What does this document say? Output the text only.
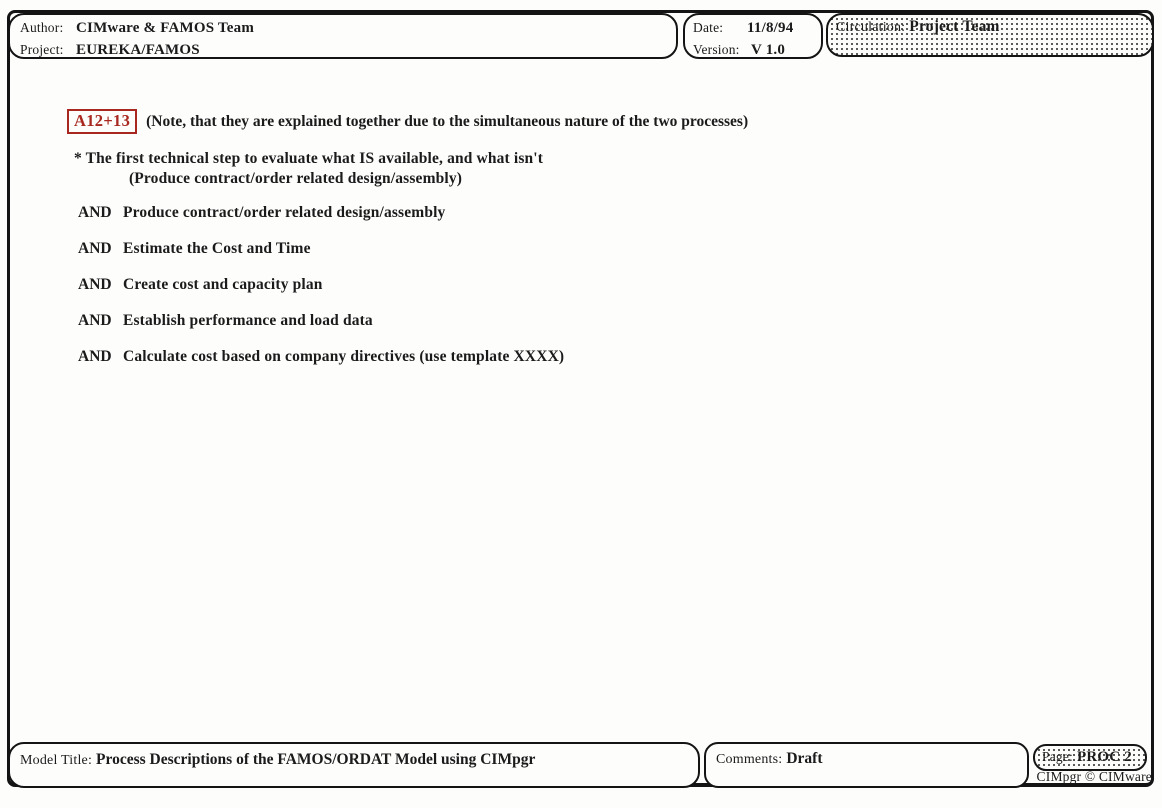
Author: CIMware & FAMOS Team
Project: EUREKA/FAMOS
Date: 11/8/94
Version: V 1.0
Circulation: Project Team
A12+13	(Note, that they are explained together due to the simultaneous nature of the two processes)
* The first technical step to evaluate what IS available, and what isn't
(Produce contract/order related design/assembly)
AND Produce contract/order related design/assembly
AND Estimate the Cost and Time
AND Create cost and capacity plan
AND Establish performance and load data
AND Calculate cost based on company directives (use template XXXX)
Model Title: Process Descriptions of the FAMOS/ORDAT Model using CIMpgr	Comments: Draft	Page: PROC 2
CIMpgr © CIMware
